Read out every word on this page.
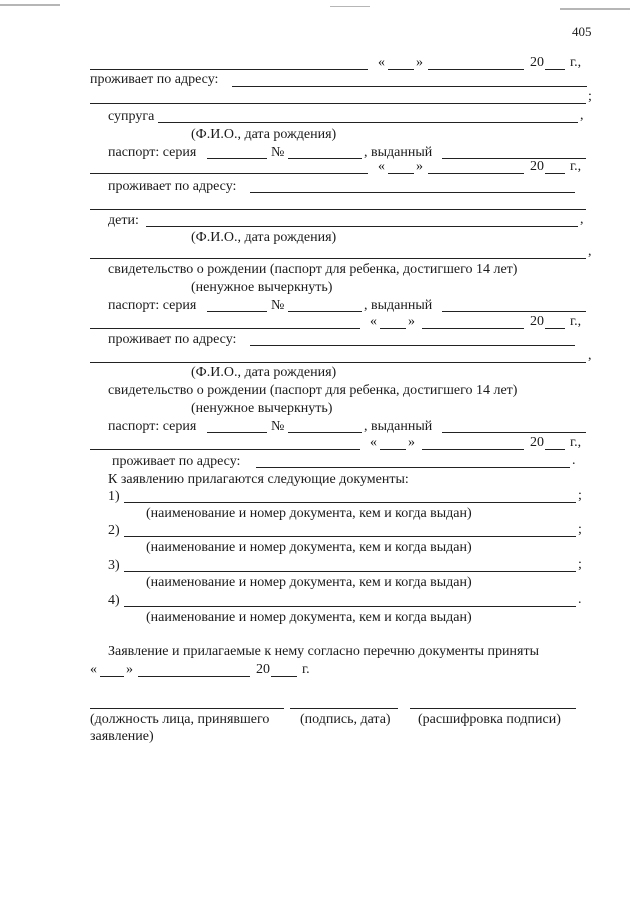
405
« »	20 г.,
проживает по адресу:
;
супруга	,
(Ф.И.О., дата рождения)
паспорт: серия	№	, выданный
« »	20 г.,
проживает по адресу:
дети:	,
(Ф.И.О., дата рождения)
,
свидетельство о рождении (паспорт для ребенка, достигшего 14 лет)
(ненужное вычеркнуть)
паспорт: серия	№	, выданный
« »	20 г.,
проживает по адресу:
,
(Ф.И.О., дата рождения)
свидетельство о рождении (паспорт для ребенка, достигшего 14 лет)
(ненужное вычеркнуть)
паспорт: серия	№	, выданный
« »	20 г.,
проживает по адресу:	.
К заявлению прилагаются следующие документы:
1)	;
(наименование и номер документа, кем и когда выдан)
2)	;
(наименование и номер документа, кем и когда выдан)
3)	;
(наименование и номер документа, кем и когда выдан)
4)	.
(наименование и номер документа, кем и когда выдан)
Заявление и прилагаемые к нему согласно перечню документы приняты
« »	20 г.
(должность лица, принявшего (подпись, дата) (расшифровка подписи)
заявление)
